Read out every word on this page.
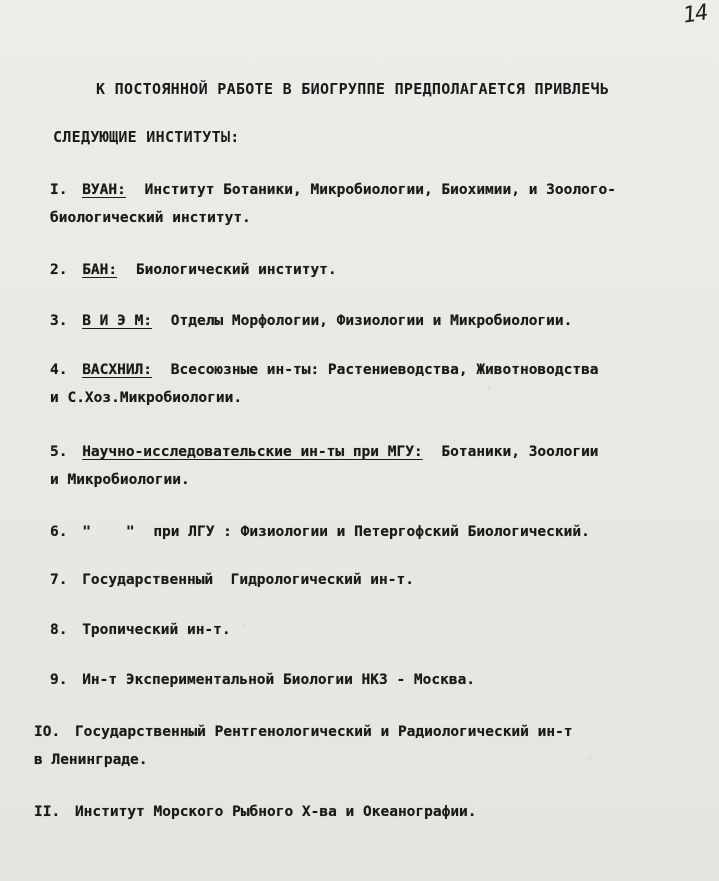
14
К ПОСТОЯННОЙ РАБОТЕ В БИОГРУППЕ ПРЕДПОЛАГАЕТСЯ ПРИВЛЕЧЬ
СЛЕДУЮЩИЕ ИНСТИТУТЫ:
I. ВУАН: Институт Ботаники, Микробиологии, Биохимии, и Зоолого-
биологический институт.
2. БАН: Биологический институт.
3. В И Э М: Отделы Морфологии, Физиологии и Микробиологии.
4. ВАСХНИЛ: Всесоюзные ин-ты: Растениеводства, Животноводства
и С.Хоз.Микробиологии.
5. Научно-исследовательские ин-ты при МГУ: Ботаники, Зоологии
и Микробиологии.
6. "    " при ЛГУ : Физиологии и Петергофский Биологический.
7. Государственный  Гидрологический ин-т.
8. Тропический ин-т.
9. Ин-т Экспериментальной Биологии НКЗ - Москва.
IO. Государственный Рентгенологический и Радиологический ин-т
в Ленинграде.
II. Институт Морского Рыбного Х-ва и Океанографии.
